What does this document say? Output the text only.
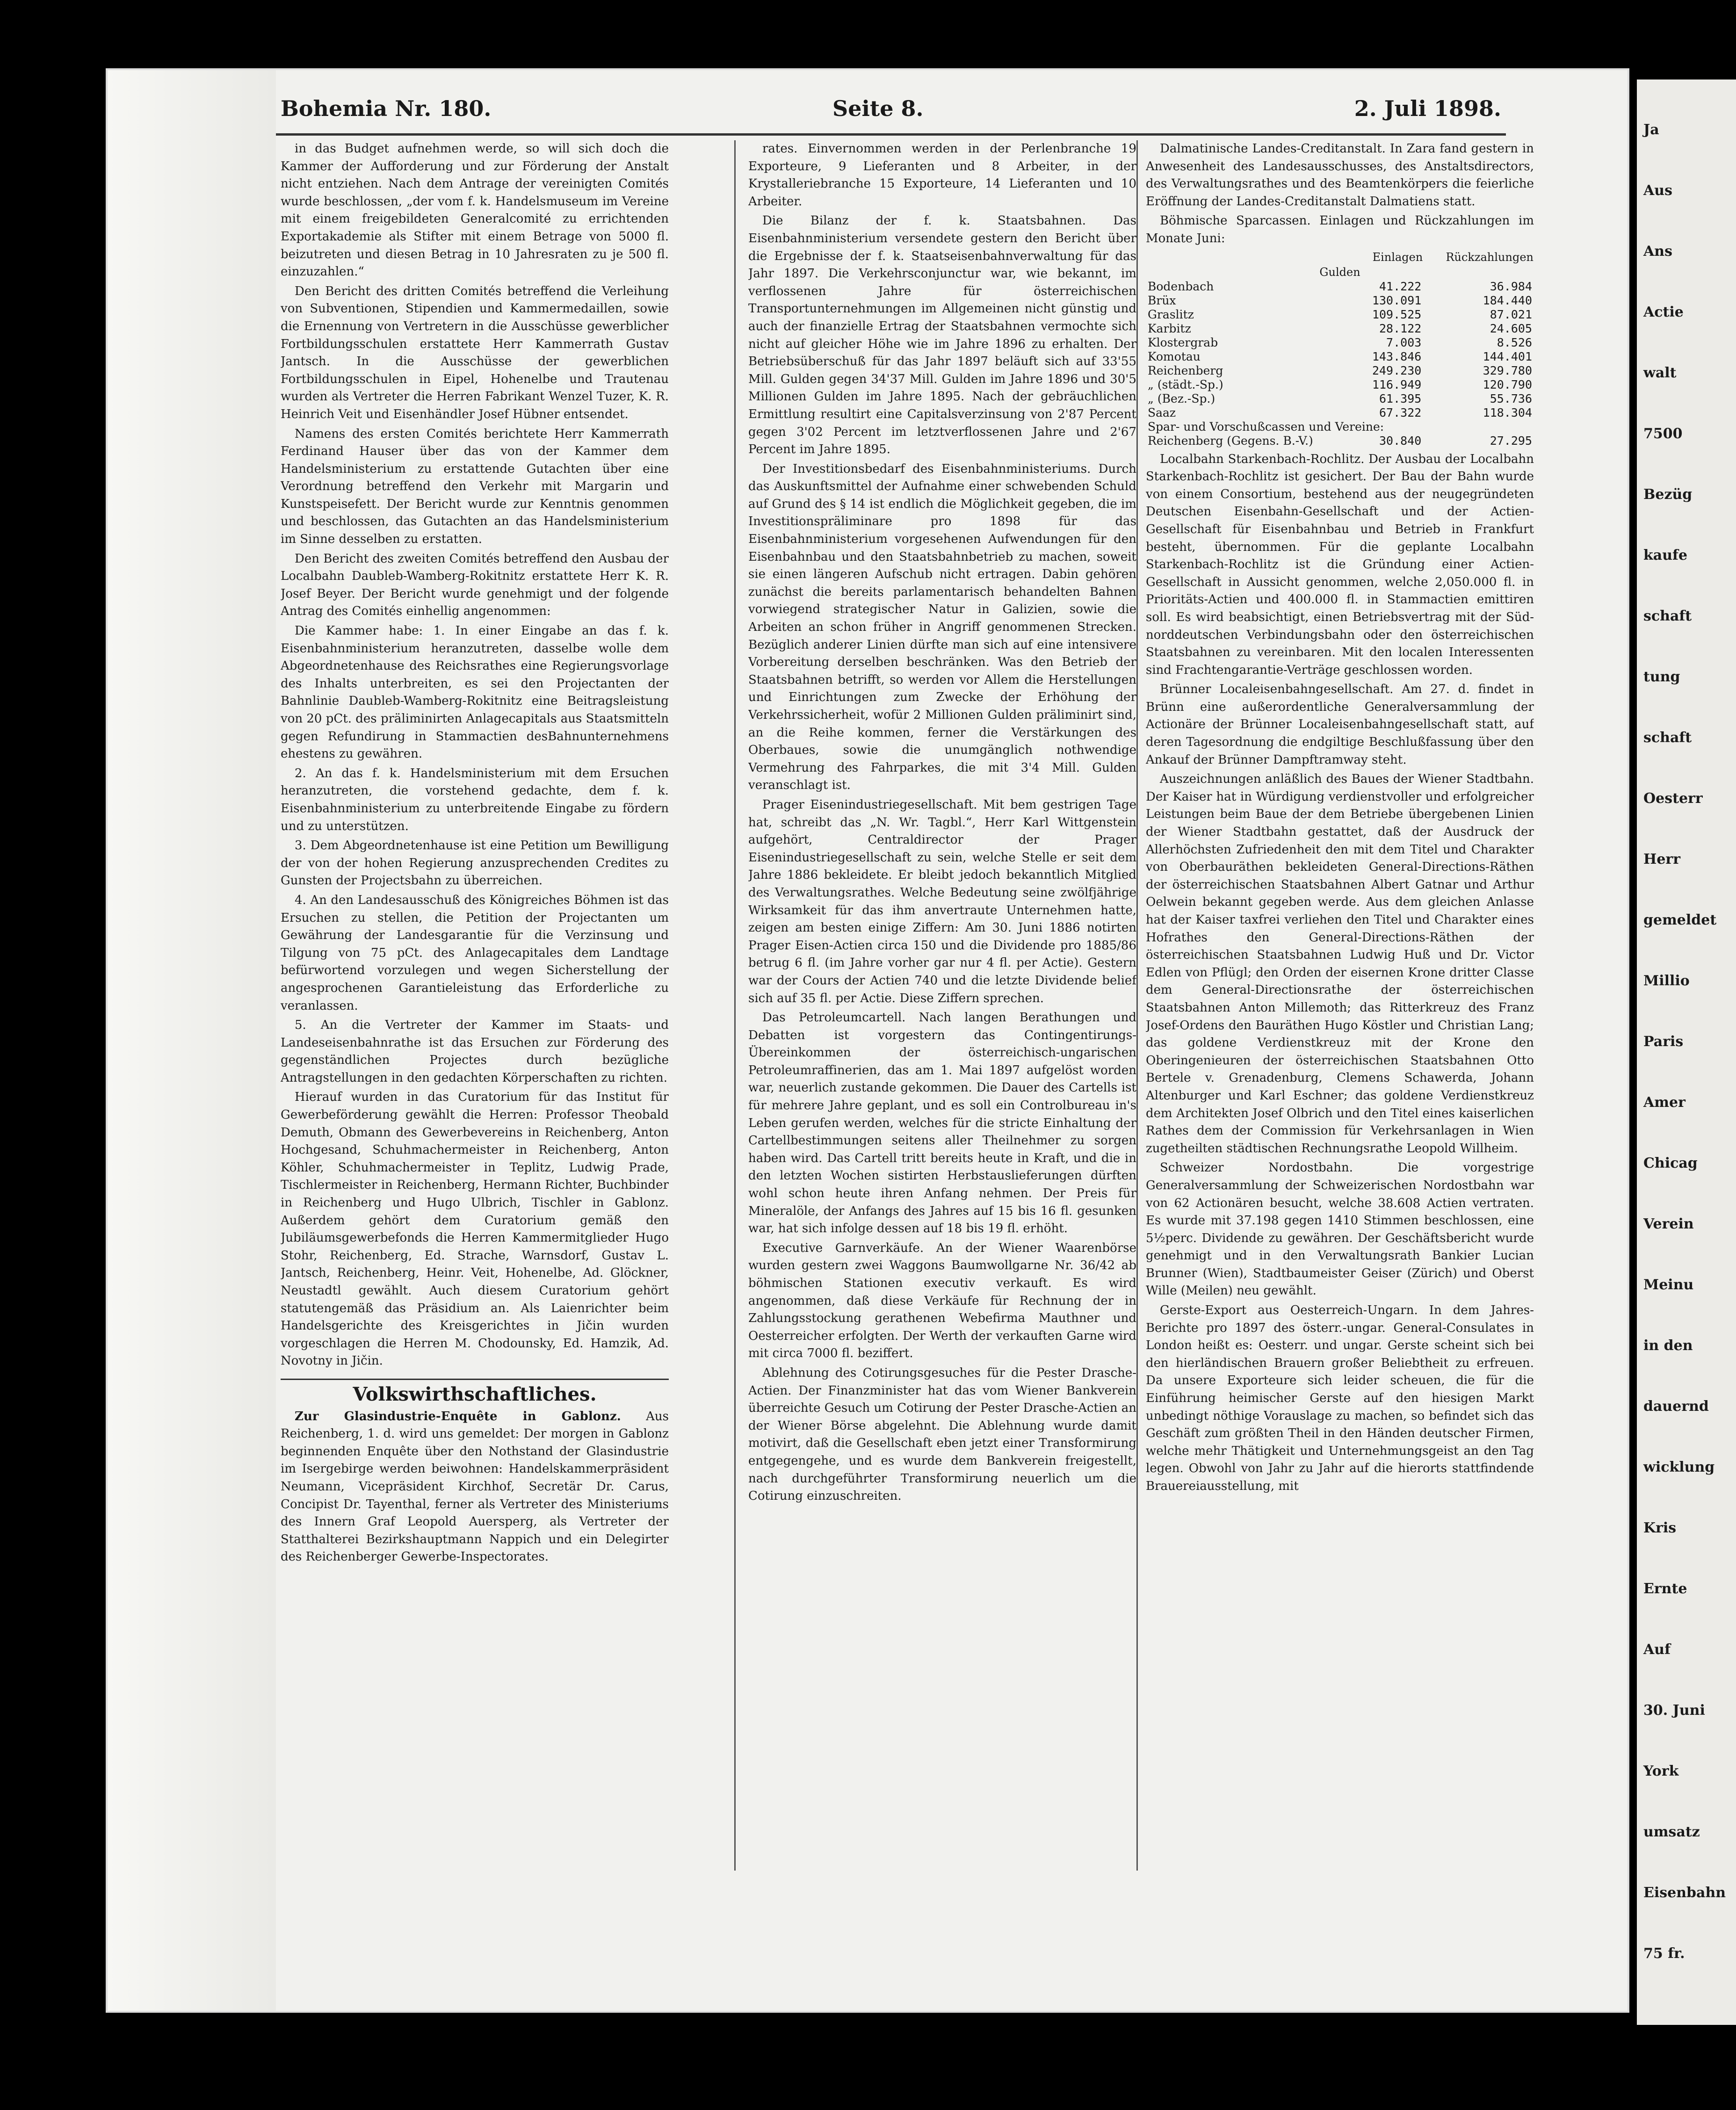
Ja
Aus
Ans
Actie
walt
7500
Bezüg
kaufe
schaft
tung
schaft
Oesterr
Herr
gemeldet
Millio
Paris
Amer
Chicag
Verein
Meinu
in den
dauernd
wicklung
Kris
Ernte
Auf
30. Juni
York
umsatz
Eisenbahn
75 fr.
Bohemia Nr. 180.	Seite 8.	2. Juli 1898.

in das Budget aufnehmen werde, so will sich doch die Kammer der Aufforderung und zur Förderung der Anstalt nicht entziehen. Nach dem Antrage der vereinigten Comités wurde beschlossen, „der vom f. k. Handelsmuseum im Vereine mit einem freigebildeten Generalcomité zu errichtenden Exportakademie als Stifter mit einem Betrage von 5000 fl. beizutreten und diesen Betrag in 10 Jahresraten zu je 500 fl. einzuzahlen.“

Den Bericht des dritten Comités betreffend die Verleihung von Subventionen, Stipendien und Kammermedaillen, sowie die Ernennung von Vertretern in die Ausschüsse gewerblicher Fortbildungsschulen erstattete Herr Kammerrath Gustav Jantsch. In die Ausschüsse der gewerblichen Fortbildungsschulen in Eipel, Hohenelbe und Trautenau wurden als Vertreter die Herren Fabrikant Wenzel Tuzer, K. R. Heinrich Veit und Eisenhändler Josef Hübner entsendet.

Namens des ersten Comités berichtete Herr Kammerrath Ferdinand Hauser über das von der Kammer dem Handelsministerium zu erstattende Gutachten über eine Verordnung betreffend den Verkehr mit Margarin und Kunstspeisefett. Der Bericht wurde zur Kenntnis genommen und beschlossen, das Gutachten an das Handelsministerium im Sinne desselben zu erstatten.

Den Bericht des zweiten Comités betreffend den Ausbau der Localbahn Daubleb-Wamberg-Rokitnitz erstattete Herr K. R. Josef Beyer. Der Bericht wurde genehmigt und der folgende Antrag des Comités einhellig angenommen:

Die Kammer habe: 1. In einer Eingabe an das f. k. Eisenbahnministerium heranzutreten, dasselbe wolle dem Abgeordnetenhause des Reichsrathes eine Regierungsvorlage des Inhalts unterbreiten, es sei den Projectanten der Bahnlinie Daubleb-Wamberg-Rokitnitz eine Beitragsleistung von 20 pCt. des präliminirten Anlagecapitals aus Staatsmitteln gegen Refundirung in Stammactien desBahnunternehmens ehestens zu gewähren.

2. An das f. k. Handelsministerium mit dem Ersuchen heranzutreten, die vorstehend gedachte, dem f. k. Eisenbahnministerium zu unterbreitende Eingabe zu fördern und zu unterstützen.

3. Dem Abgeordnetenhause ist eine Petition um Bewilligung der von der hohen Regierung anzusprechenden Credites zu Gunsten der Projectsbahn zu überreichen.

4. An den Landesausschuß des Königreiches Böhmen ist das Ersuchen zu stellen, die Petition der Projectanten um Gewährung der Landesgarantie für die Verzinsung und Tilgung von 75 pCt. des Anlagecapitales dem Landtage befürwortend vorzulegen und wegen Sicherstellung der angesprochenen Garantieleistung das Erforderliche zu veranlassen.

5. An die Vertreter der Kammer im Staats- und Landeseisenbahnrathe ist das Ersuchen zur Förderung des gegenständlichen Projectes durch bezügliche Antragstellungen in den gedachten Körperschaften zu richten.

Hierauf wurden in das Curatorium für das Institut für Gewerbeförderung gewählt die Herren: Professor Theobald Demuth, Obmann des Gewerbevereins in Reichenberg, Anton Hochgesand, Schuhmachermeister in Reichenberg, Anton Köhler, Schuhmachermeister in Teplitz, Ludwig Prade, Tischlermeister in Reichenberg, Hermann Richter, Buchbinder in Reichenberg und Hugo Ulbrich, Tischler in Gablonz. Außerdem gehört dem Curatorium gemäß den Jubiläumsgewerbefonds die Herren Kammermitglieder Hugo Stohr, Reichenberg, Ed. Strache, Warnsdorf, Gustav L. Jantsch, Reichenberg, Heinr. Veit, Hohenelbe, Ad. Glöckner, Neustadtl gewählt. Auch diesem Curatorium gehört statutengemäß das Präsidium an. Als Laienrichter beim Handelsgerichte des Kreisgerichtes in Jičin wurden vorgeschlagen die Herren M. Chodounsky, Ed. Hamzik, Ad. Novotny in Jičin.

Volkswirthschaftliches.

Zur Glasindustrie-Enquête in Gablonz. Aus Reichenberg, 1. d. wird uns gemeldet: Der morgen in Gablonz beginnenden Enquête über den Nothstand der Glasindustrie im Isergebirge werden beiwohnen: Handelskammerpräsident Neumann, Vicepräsident Kirchhof, Secretär Dr. Carus, Concipist Dr. Tayenthal, ferner als Vertreter des Ministeriums des Innern Graf Leopold Auersperg, als Vertreter der Statthalterei Bezirkshauptmann Nappich und ein Delegirter des Reichenberger Gewerbe-Inspectorates.

rates. Einvernommen werden in der Perlenbranche 19 Exporteure, 9 Lieferanten und 8 Arbeiter, in der Krystalleriebranche 15 Exporteure, 14 Lieferanten und 10 Arbeiter.

Die Bilanz der f. k. Staatsbahnen. Das Eisenbahnministerium versendete gestern den Bericht über die Ergebnisse der f. k. Staatseisenbahnverwaltung für das Jahr 1897. Die Verkehrsconjunctur war, wie bekannt, im verflossenen Jahre für österreichischen Transportunternehmungen im Allgemeinen nicht günstig und auch der finanzielle Ertrag der Staatsbahnen vermochte sich nicht auf gleicher Höhe wie im Jahre 1896 zu erhalten. Der Betriebsüberschuß für das Jahr 1897 beläuft sich auf 33'55 Mill. Gulden gegen 34'37 Mill. Gulden im Jahre 1896 und 30'5 Millionen Gulden im Jahre 1895. Nach der gebräuchlichen Ermittlung resultirt eine Capitalsverzinsung von 2'87 Percent gegen 3'02 Percent im letztverflossenen Jahre und 2'67 Percent im Jahre 1895.

Der Investitionsbedarf des Eisenbahnministeriums. Durch das Auskunftsmittel der Aufnahme einer schwebenden Schuld auf Grund des § 14 ist endlich die Möglichkeit gegeben, die im Investitionspräliminare pro 1898 für das Eisenbahnministerium vorgesehenen Aufwendungen für den Eisenbahnbau und den Staatsbahnbetrieb zu machen, soweit sie einen längeren Aufschub nicht ertragen. Dabin gehören zunächst die bereits parlamentarisch behandelten Bahnen vorwiegend strategischer Natur in Galizien, sowie die Arbeiten an schon früher in Angriff genommenen Strecken. Bezüglich anderer Linien dürfte man sich auf eine intensivere Vorbereitung derselben beschränken. Was den Betrieb der Staatsbahnen betrifft, so werden vor Allem die Herstellungen und Einrichtungen zum Zwecke der Erhöhung der Verkehrssicherheit, wofür 2 Millionen Gulden präliminirt sind, an die Reihe kommen, ferner die Verstärkungen des Oberbaues, sowie die unumgänglich nothwendige Vermehrung des Fahrparkes, die mit 3'4 Mill. Gulden veranschlagt ist.

Prager Eisenindustriegesellschaft. Mit bem gestrigen Tage hat, schreibt das „N. Wr. Tagbl.“, Herr Karl Wittgenstein aufgehört, Centraldirector der Prager Eisenindustriegesellschaft zu sein, welche Stelle er seit dem Jahre 1886 bekleidete. Er bleibt jedoch bekanntlich Mitglied des Verwaltungsrathes. Welche Bedeutung seine zwölfjährige Wirksamkeit für das ihm anvertraute Unternehmen hatte, zeigen am besten einige Ziffern: Am 30. Juni 1886 notirten Prager Eisen-Actien circa 150 und die Dividende pro 1885/86 betrug 6 fl. (im Jahre vorher gar nur 4 fl. per Actie). Gestern war der Cours der Actien 740 und die letzte Dividende belief sich auf 35 fl. per Actie. Diese Ziffern sprechen.

Das Petroleumcartell. Nach langen Berathungen und Debatten ist vorgestern das Contingentirungs-Übereinkommen der österreichisch-ungarischen Petroleumraffinerien, das am 1. Mai 1897 aufgelöst worden war, neuerlich zustande gekommen. Die Dauer des Cartells ist für mehrere Jahre geplant, und es soll ein Controlbureau in's Leben gerufen werden, welches für die stricte Einhaltung der Cartellbestimmungen seitens aller Theilnehmer zu sorgen haben wird. Das Cartell tritt bereits heute in Kraft, und die in den letzten Wochen sistirten Herbstauslieferungen dürften wohl schon heute ihren Anfang nehmen. Der Preis für Mineralöle, der Anfangs des Jahres auf 15 bis 16 fl. gesunken war, hat sich infolge dessen auf 18 bis 19 fl. erhöht.

Executive Garnverkäufe. An der Wiener Waarenbörse wurden gestern zwei Waggons Baumwollgarne Nr. 36/42 ab böhmischen Stationen executiv verkauft. Es wird angenommen, daß diese Verkäufe für Rechnung der in Zahlungsstockung gerathenen Webefirma Mauthner und Oesterreicher erfolgten. Der Werth der verkauften Garne wird mit circa 7000 fl. beziffert.

Ablehnung des Cotirungsgesuches für die Pester Drasche-Actien. Der Finanzminister hat das vom Wiener Bankverein überreichte Gesuch um Cotirung der Pester Drasche-Actien an der Wiener Börse abgelehnt. Die Ablehnung wurde damit motivirt, daß die Gesellschaft eben jetzt einer Transformirung entgegengehe, und es wurde dem Bankverein freigestellt, nach durchgeführter Transformirung neuerlich um die Cotirung einzuschreiten.

Dalmatinische Landes-Creditanstalt. In Zara fand gestern in Anwesenheit des Landesausschusses, des Anstaltsdirectors, des Verwaltungsrathes und des Beamtenkörpers die feierliche Eröffnung der Landes-Creditanstalt Dalmatiens statt.

Böhmische Sparcassen. Einlagen und Rückzahlungen im Monate Juni:

	Einlagen	Rückzahlungen
Gulden		
Bodenbach	41.222	36.984
Brüx	130.091	184.440
Graslitz	109.525	87.021
Karbitz	28.122	24.605
Klostergrab	7.003	8.526
Komotau	143.846	144.401
Reichenberg	249.230	329.780
„ (städt.-Sp.)	116.949	120.790
„ (Bez.-Sp.)	61.395	55.736
Saaz	67.322	118.304
Spar- und Vorschußcassen und Vereine:		
Reichenberg (Gegens. B.-V.)	30.840	27.295

Localbahn Starkenbach-Rochlitz. Der Ausbau der Localbahn Starkenbach-Rochlitz ist gesichert. Der Bau der Bahn wurde von einem Consortium, bestehend aus der neugegründeten Deutschen Eisenbahn-Gesellschaft und der Actien-Gesellschaft für Eisenbahnbau und Betrieb in Frankfurt besteht, übernommen. Für die geplante Localbahn Starkenbach-Rochlitz ist die Gründung einer Actien-Gesellschaft in Aussicht genommen, welche 2,050.000 fl. in Prioritäts-Actien und 400.000 fl. in Stammactien emittiren soll. Es wird beabsichtigt, einen Betriebsvertrag mit der Süd-norddeutschen Verbindungsbahn oder den österreichischen Staatsbahnen zu vereinbaren. Mit den localen Interessenten sind Frachtengarantie-Verträge geschlossen worden.

Brünner Localeisenbahngesellschaft. Am 27. d. findet in Brünn eine außerordentliche Generalversammlung der Actionäre der Brünner Localeisenbahngesellschaft statt, auf deren Tagesordnung die endgiltige Beschlußfassung über den Ankauf der Brünner Dampftramway steht.

Auszeichnungen anläßlich des Baues der Wiener Stadtbahn. Der Kaiser hat in Würdigung verdienstvoller und erfolgreicher Leistungen beim Baue der dem Betriebe übergebenen Linien der Wiener Stadtbahn gestattet, daß der Ausdruck der Allerhöchsten Zufriedenheit den mit dem Titel und Charakter von Oberbauräthen bekleideten General-Directions-Räthen der österreichischen Staatsbahnen Albert Gatnar und Arthur Oelwein bekannt gegeben werde. Aus dem gleichen Anlasse hat der Kaiser taxfrei verliehen den Titel und Charakter eines Hofrathes den General-Directions-Räthen der österreichischen Staatsbahnen Ludwig Huß und Dr. Victor Edlen von Pflügl; den Orden der eisernen Krone dritter Classe dem General-Directionsrathe der österreichischen Staatsbahnen Anton Millemoth; das Ritterkreuz des Franz Josef-Ordens den Bauräthen Hugo Köstler und Christian Lang; das goldene Verdienstkreuz mit der Krone den Oberingenieuren der österreichischen Staatsbahnen Otto Bertele v. Grenadenburg, Clemens Schawerda, Johann Altenburger und Karl Eschner; das goldene Verdienstkreuz dem Architekten Josef Olbrich und den Titel eines kaiserlichen Rathes dem der Commission für Verkehrsanlagen in Wien zugetheilten städtischen Rechnungsrathe Leopold Willheim.

Schweizer Nordostbahn. Die vorgestrige Generalversammlung der Schweizerischen Nordostbahn war von 62 Actionären besucht, welche 38.608 Actien vertraten. Es wurde mit 37.198 gegen 1410 Stimmen beschlossen, eine 5½perc. Dividende zu gewähren. Der Geschäftsbericht wurde genehmigt und in den Verwaltungsrath Bankier Lucian Brunner (Wien), Stadtbaumeister Geiser (Zürich) und Oberst Wille (Meilen) neu gewählt.

Gerste-Export aus Oesterreich-Ungarn. In dem Jahres-Berichte pro 1897 des österr.-ungar. General-Consulates in London heißt es: Oesterr. und ungar. Gerste scheint sich bei den hierländischen Brauern großer Beliebtheit zu erfreuen. Da unsere Exporteure sich leider scheuen, die für die Einführung heimischer Gerste auf den hiesigen Markt unbedingt nöthige Vorauslage zu machen, so befindet sich das Geschäft zum größten Theil in den Händen deutscher Firmen, welche mehr Thätigkeit und Unternehmungsgeist an den Tag legen. Obwohl von Jahr zu Jahr auf die hierorts stattfindende Brauereiausstellung, mit
